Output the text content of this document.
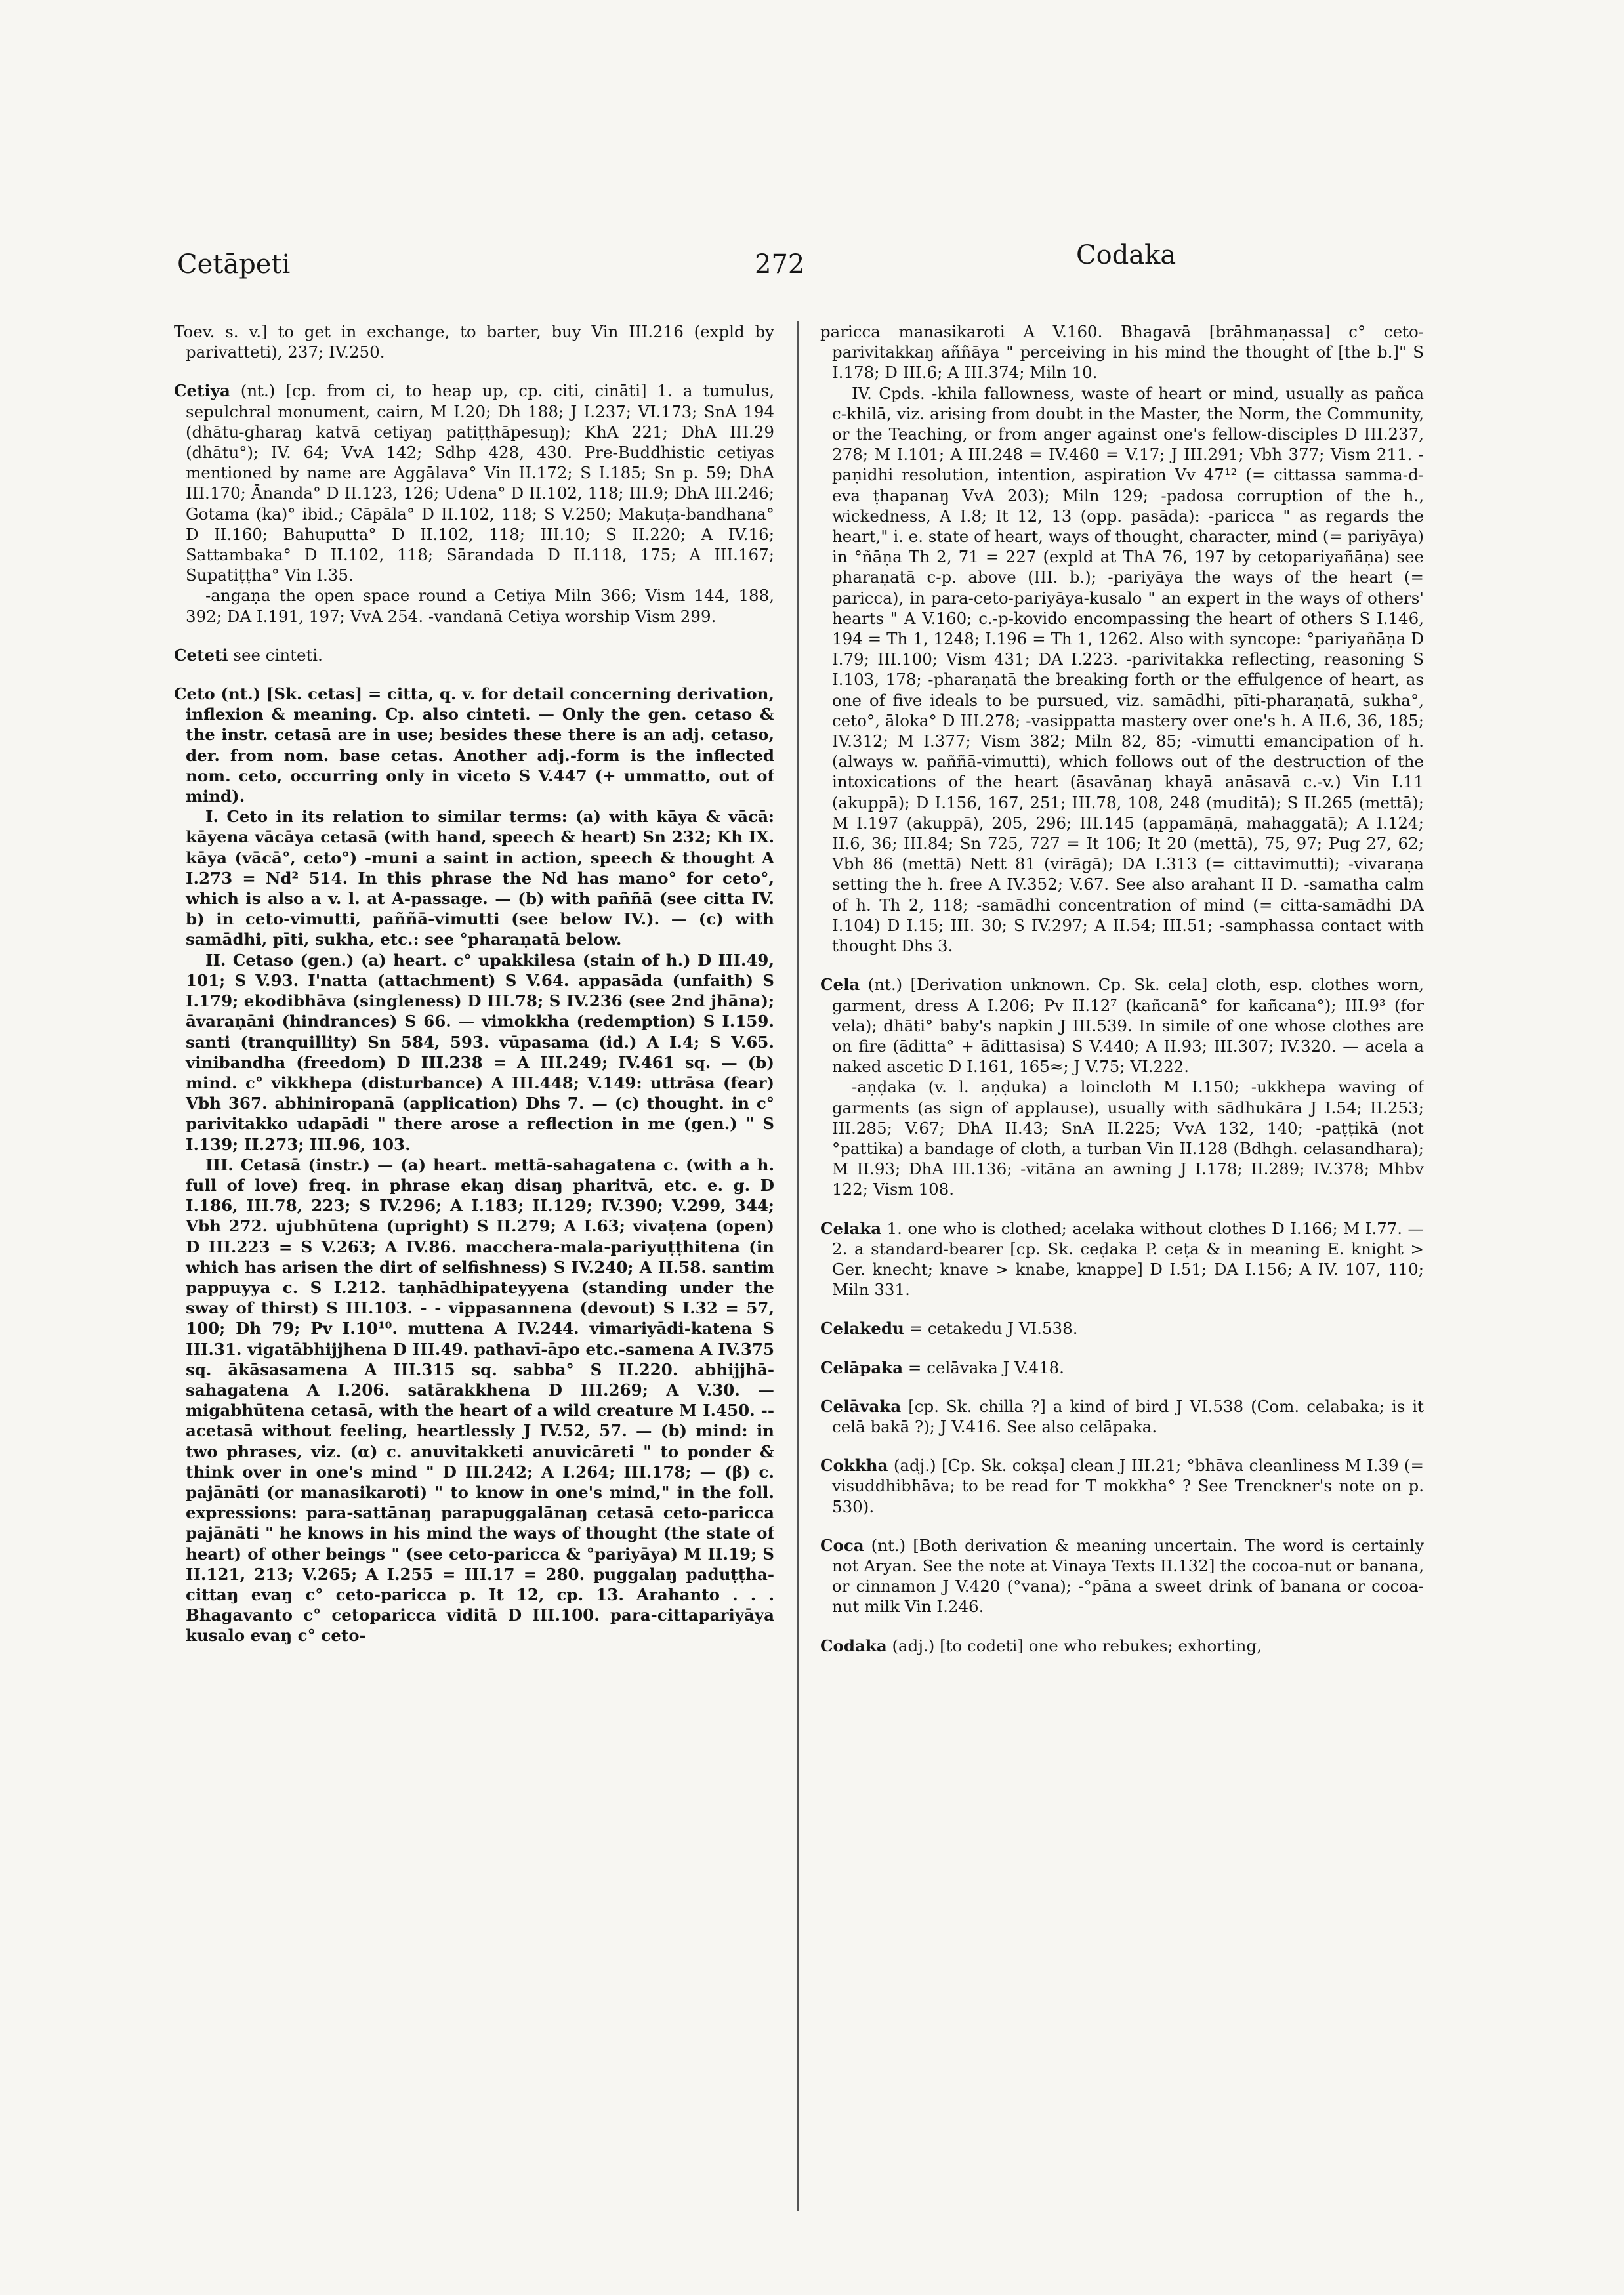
Cetāpeti	272	Codaka

Toev. s. v.] to get in exchange, to barter, buy Vin III.216 (expld by parivatteti), 237; IV.250.

Cetiya (nt.) [cp. from ci, to heap up, cp. citi, cināti] 1. a tumulus, sepulchral monument, cairn, M I.20; Dh 188; J I.237; VI.173; SnA 194 (dhātu-gharaŋ katvā cetiyaŋ patiṭṭhāpesuŋ); KhA 221; DhA III.29 (dhātu°); IV. 64; VvA 142; Sdhp 428, 430. Pre-Buddhistic cetiyas mentioned by name are Aggālava° Vin II.172; S I.185; Sn p. 59; DhA III.170; Ānanda° D II.123, 126; Udena° D II.102, 118; III.9; DhA III.246; Gotama (ka)° ibid.; Cāpāla° D II.102, 118; S V.250; Makuṭa-bandhana° D II.160; Bahuputta° D II.102, 118; III.10; S II.220; A IV.16; Sattambaka° D II.102, 118; Sārandada D II.118, 175; A III.167; Supatiṭṭha° Vin I.35.

-angaṇa the open space round a Cetiya Miln 366; Vism 144, 188, 392; DA I.191, 197; VvA 254. -vandanā Cetiya worship Vism 299.

Ceteti see cinteti.

Ceto (nt.) [Sk. cetas] = citta, q. v. for detail concerning derivation, inflexion & meaning. Cp. also cinteti. — Only the gen. cetaso & the instr. cetasā are in use; besides these there is an adj. cetaso, der. from nom. base cetas. Another adj.-form is the inflected nom. ceto, occurring only in viceto S V.447 (+ ummatto, out of mind).

I. Ceto in its relation to similar terms: (a) with kāya & vācā: kāyena vācāya cetasā (with hand, speech & heart) Sn 232; Kh IX. kāya (vācā°, ceto°) -muni a saint in action, speech & thought A I.273 = Nd² 514. In this phrase the Nd has mano° for ceto°, which is also a v. l. at A-passage. — (b) with paññā (see citta IV. b) in ceto-vimutti, paññā-vimutti (see below IV.). — (c) with samādhi, pīti, sukha, etc.: see °pharaṇatā below.

II. Cetaso (gen.) (a) heart. c° upakkilesa (stain of h.) D III.49, 101; S V.93. I'natta (attachment) S V.64. appasāda (unfaith) S I.179; ekodibhāva (singleness) D III.78; S IV.236 (see 2nd jhāna); āvaraṇāni (hindrances) S 66. — vimokkha (redemption) S I.159. santi (tranquillity) Sn 584, 593. vūpasama (id.) A I.4; S V.65. vinibandha (freedom) D III.238 = A III.249; IV.461 sq. — (b) mind. c° vikkhepa (disturbance) A III.448; V.149: uttrāsa (fear) Vbh 367. abhiniropanā (application) Dhs 7. — (c) thought. in c° parivitakko udapādi " there arose a reflection in me (gen.) " S I.139; II.273; III.96, 103.

III. Cetasā (instr.) — (a) heart. mettā-sahagatena c. (with a h. full of love) freq. in phrase ekaŋ disaŋ pharitvā, etc. e. g. D I.186, III.78, 223; S IV.296; A I.183; II.129; IV.390; V.299, 344; Vbh 272. ujubhūtena (upright) S II.279; A I.63; vivaṭena (open) D III.223 = S V.263; A IV.86. macchera-mala-pariyuṭṭhitena (in which has arisen the dirt of selfishness) S IV.240; A II.58. santim pappuyya c. S I.212. taṇhādhipateyyena (standing under the sway of thirst) S III.103. - - vippasannena (devout) S I.32 = 57, 100; Dh 79; Pv I.10¹⁰. muttena A IV.244. vimariyādi-katena S III.31. vigatābhijjhena D III.49. pathavī-āpo etc.-samena A IV.375 sq. ākāsasamena A III.315 sq. sabba° S II.220. abhijjhā-sahagatena A I.206. satārakkhena D III.269; A V.30. — migabhūtena cetasā, with the heart of a wild creature M I.450. -- acetasā without feeling, heartlessly J IV.52, 57. — (b) mind: in two phrases, viz. (α) c. anuvitakketi anuvicāreti " to ponder & think over in one's mind " D III.242; A I.264; III.178; — (β) c. pajānāti (or manasikaroti) " to know in one's mind," in the foll. expressions: para-sattānaŋ parapuggalānaŋ cetasā ceto-paricca pajānāti " he knows in his mind the ways of thought (the state of heart) of other beings " (see ceto-paricca & °pariyāya) M II.19; S II.121, 213; V.265; A I.255 = III.17 = 280. puggalaŋ paduṭṭha-cittaŋ evaŋ c° ceto-paricca p. It 12, cp. 13. Arahanto . . . Bhagavanto c° cetoparicca viditā D III.100. para-cittapariyāya kusalo evaŋ c° ceto-

paricca manasikaroti A V.160. Bhagavā [brāhmaṇassa] c° ceto-parivitakkaŋ aññāya " perceiving in his mind the thought of [the b.]" S I.178; D III.6; A III.374; Miln 10.

IV. Cpds. -khila fallowness, waste of heart or mind, usually as pañca c-khilā, viz. arising from doubt in the Master, the Norm, the Community, or the Teaching, or from anger against one's fellow-disciples D III.237, 278; M I.101; A III.248 = IV.460 = V.17; J III.291; Vbh 377; Vism 211. -paṇidhi resolution, intention, aspiration Vv 47¹² (= cittassa samma-d-eva ṭhapanaŋ VvA 203); Miln 129; -padosa corruption of the h., wickedness, A I.8; It 12, 13 (opp. pasāda): -paricca " as regards the heart," i. e. state of heart, ways of thought, character, mind (= pariyāya) in °ñāṇa Th 2, 71 = 227 (expld at ThA 76, 197 by cetopariyañāṇa) see pharaṇatā c-p. above (III. b.); -pariyāya the ways of the heart (= paricca), in para-ceto-pariyāya-kusalo " an expert in the ways of others' hearts " A V.160; c.-p-kovido encompassing the heart of others S I.146, 194 = Th 1, 1248; I.196 = Th 1, 1262. Also with syncope: °pariyañāṇa D I.79; III.100; Vism 431; DA I.223. -parivitakka reflecting, reasoning S I.103, 178; -pharaṇatā the breaking forth or the effulgence of heart, as one of five ideals to be pursued, viz. samādhi, pīti-pharaṇatā, sukha°, ceto°, āloka° D III.278; -vasippatta mastery over one's h. A II.6, 36, 185; IV.312; M I.377; Vism 382; Miln 82, 85; -vimutti emancipation of h. (always w. paññā-vimutti), which follows out of the destruction of the intoxications of the heart (āsavānaŋ khayā anāsavā c.-v.) Vin I.11 (akuppā); D I.156, 167, 251; III.78, 108, 248 (muditā); S II.265 (mettā); M I.197 (akuppā), 205, 296; III.145 (appamāṇā, mahaggatā); A I.124; II.6, 36; III.84; Sn 725, 727 = It 106; It 20 (mettā), 75, 97; Pug 27, 62; Vbh 86 (mettā) Nett 81 (virāgā); DA I.313 (= cittavimutti); -vivaraṇa setting the h. free A IV.352; V.67. See also arahant II D. -samatha calm of h. Th 2, 118; -samādhi concentration of mind (= citta-samādhi DA I.104) D I.15; III. 30; S IV.297; A II.54; III.51; -samphassa contact with thought Dhs 3.

Cela (nt.) [Derivation unknown. Cp. Sk. cela] cloth, esp. clothes worn, garment, dress A I.206; Pv II.12⁷ (kañcanā° for kañcana°); III.9³ (for vela); dhāti° baby's napkin J III.539. In simile of one whose clothes are on fire (āditta° + ādittasisa) S V.440; A II.93; III.307; IV.320. — acela a naked ascetic D I.161, 165≈; J V.75; VI.222.

-aṇḍaka (v. l. aṇḍuka) a loincloth M I.150; -ukkhepa waving of garments (as sign of applause), usually with sādhukāra J I.54; II.253; III.285; V.67; DhA II.43; SnA II.225; VvA 132, 140; -paṭṭikā (not °pattika) a bandage of cloth, a turban Vin II.128 (Bdhgh. celasandhara); M II.93; DhA III.136; -vitāna an awning J I.178; II.289; IV.378; Mhbv 122; Vism 108.

Celaka 1. one who is clothed; acelaka without clothes D I.166; M I.77. — 2. a standard-bearer [cp. Sk. ceḍaka P. ceṭa & in meaning E. knight > Ger. knecht; knave > knabe, knappe] D I.51; DA I.156; A IV. 107, 110; Miln 331.

Celakedu = cetakedu J VI.538.

Celāpaka = celāvaka J V.418.

Celāvaka [cp. Sk. chilla ?] a kind of bird J VI.538 (Com. celabaka; is it celā bakā ?); J V.416. See also celāpaka.

Cokkha (adj.) [Cp. Sk. cokṣa] clean J III.21; °bhāva cleanliness M I.39 (= visuddhibhāva; to be read for T mokkha° ? See Trenckner's note on p. 530).

Coca (nt.) [Both derivation & meaning uncertain. The word is certainly not Aryan. See the note at Vinaya Texts II.132] the cocoa-nut or banana, or cinnamon J V.420 (°vana); -°pāna a sweet drink of banana or cocoa-nut milk Vin I.246.

Codaka (adj.) [to codeti] one who rebukes; exhorting,
